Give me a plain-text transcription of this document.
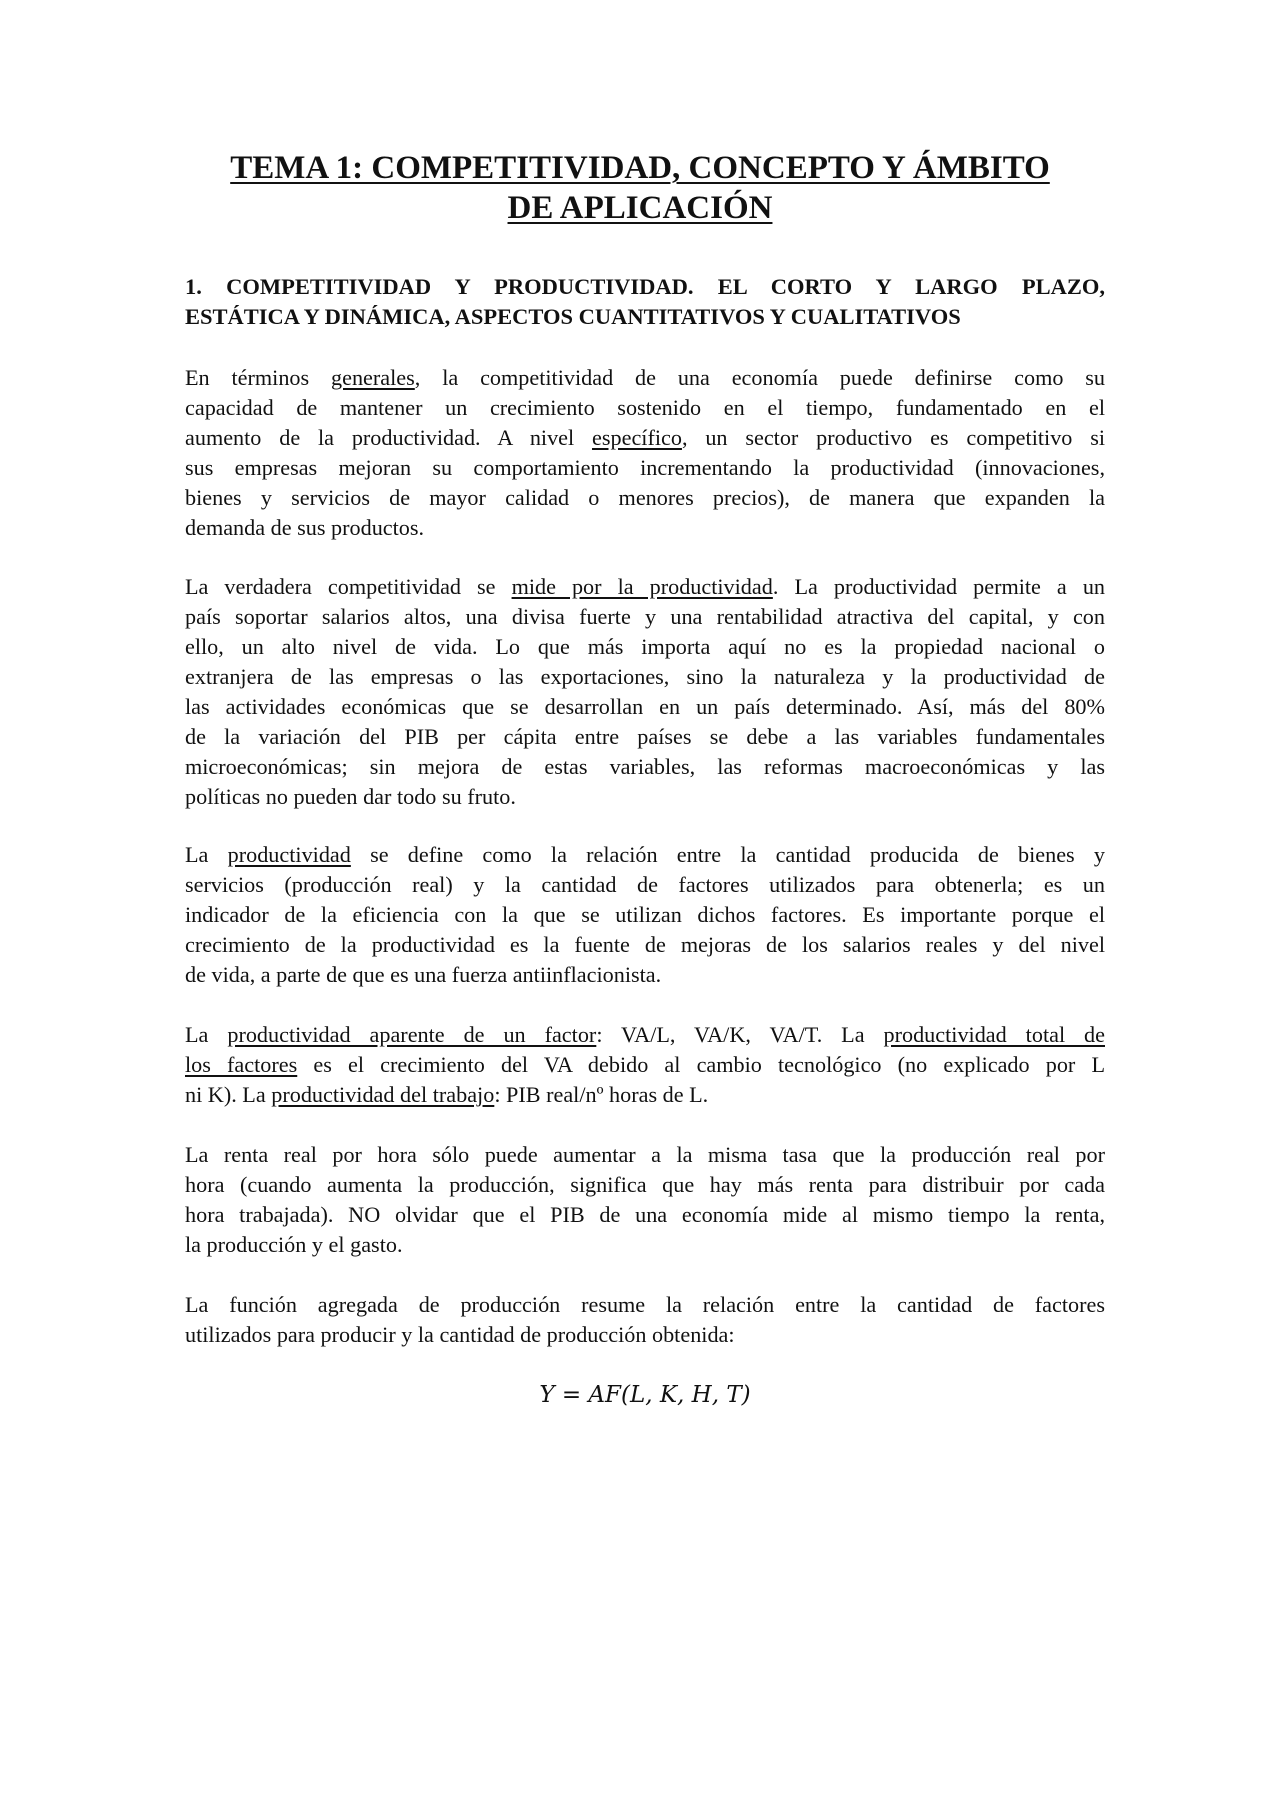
TEMA 1: COMPETITIVIDAD, CONCEPTO Y ÁMBITO
DE APLICACIÓN
1. COMPETITIVIDAD Y PRODUCTIVIDAD. EL CORTO Y LARGO PLAZO,
ESTÁTICA Y DINÁMICA, ASPECTOS CUANTITATIVOS Y CUALITATIVOS

En términos generales, la competitividad de una economía puede definirse como su
capacidad de mantener un crecimiento sostenido en el tiempo, fundamentado en el
aumento de la productividad. A nivel específico, un sector productivo es competitivo si
sus empresas mejoran su comportamiento incrementando la productividad (innovaciones,
bienes y servicios de mayor calidad o menores precios), de manera que expanden la
demanda de sus productos.

La verdadera competitividad se mide por la productividad. La productividad permite a un
país soportar salarios altos, una divisa fuerte y una rentabilidad atractiva del capital, y con
ello, un alto nivel de vida. Lo que más importa aquí no es la propiedad nacional o
extranjera de las empresas o las exportaciones, sino la naturaleza y la productividad de
las actividades económicas que se desarrollan en un país determinado. Así, más del 80%
de la variación del PIB per cápita entre países se debe a las variables fundamentales
microeconómicas; sin mejora de estas variables, las reformas macroeconómicas y las
políticas no pueden dar todo su fruto.

La productividad se define como la relación entre la cantidad producida de bienes y
servicios (producción real) y la cantidad de factores utilizados para obtenerla; es un
indicador de la eficiencia con la que se utilizan dichos factores. Es importante porque el
crecimiento de la productividad es la fuente de mejoras de los salarios reales y del nivel
de vida, a parte de que es una fuerza antiinflacionista.

La productividad aparente de un factor: VA/L, VA/K, VA/T. La productividad total de
los factores es el crecimiento del VA debido al cambio tecnológico (no explicado por L
ni K). La productividad del trabajo: PIB real/nº horas de L.

La renta real por hora sólo puede aumentar a la misma tasa que la producción real por
hora (cuando aumenta la producción, significa que hay más renta para distribuir por cada
hora trabajada). NO olvidar que el PIB de una economía mide al mismo tiempo la renta,
la producción y el gasto.

La función agregada de producción resume la relación entre la cantidad de factores
utilizados para producir y la cantidad de producción obtenida:

Y = AF(L, K, H, T)
